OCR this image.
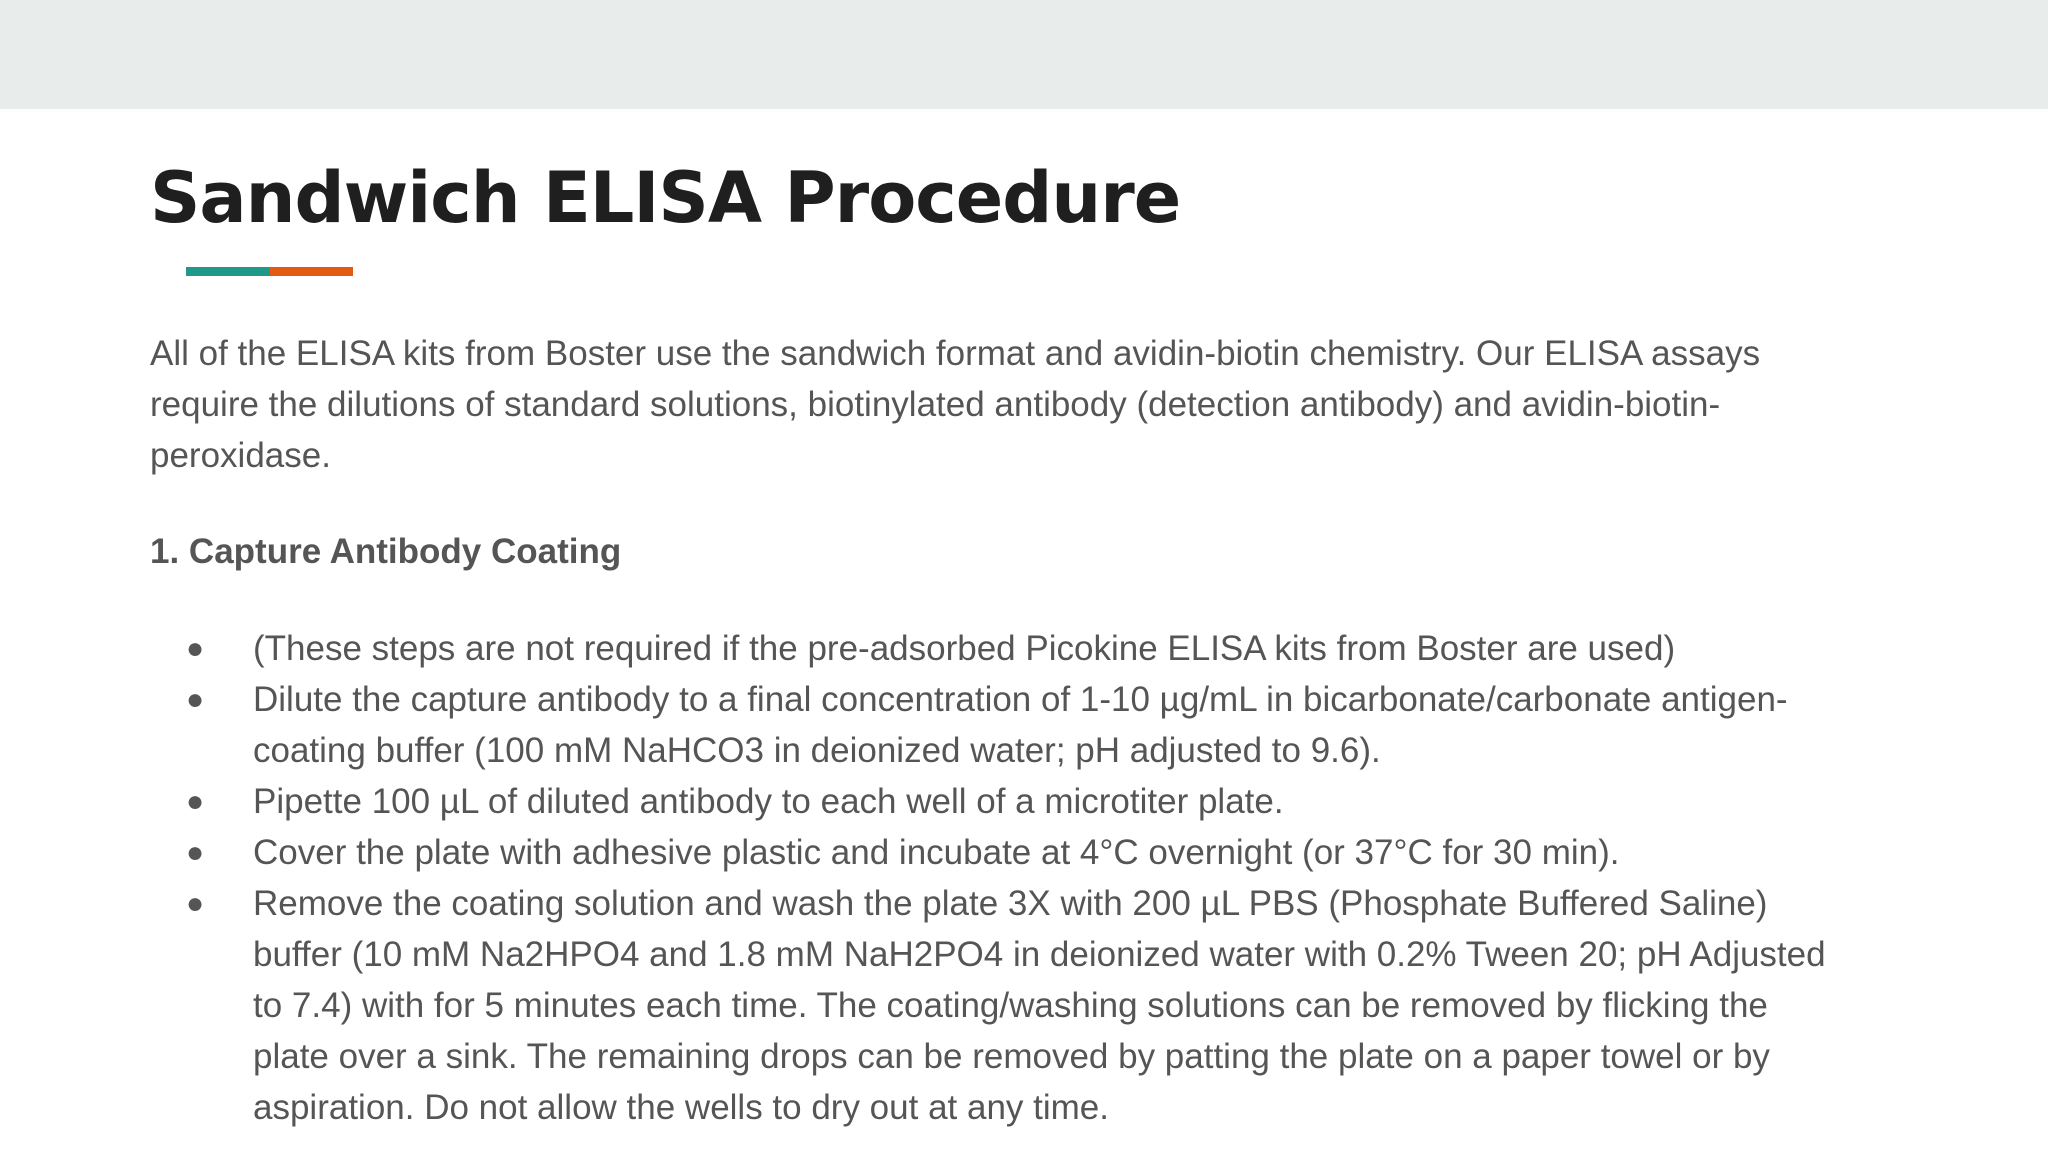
Sandwich ELISA Procedure

All of the ELISA kits from Boster use the sandwich format and avidin-biotin chemistry. Our ELISA assays require the dilutions of standard solutions, biotinylated antibody (detection antibody) and avidin-biotin-peroxidase.

1. Capture Antibody Coating

● (These steps are not required if the pre-adsorbed Picokine ELISA kits from Boster are used)
● Dilute the capture antibody to a final concentration of 1-10 µg/mL in bicarbonate/carbonate antigen-coating buffer (100 mM NaHCO3 in deionized water; pH adjusted to 9.6).
● Pipette 100 µL of diluted antibody to each well of a microtiter plate.
● Cover the plate with adhesive plastic and incubate at 4°C overnight (or 37°C for 30 min).
● Remove the coating solution and wash the plate 3X with 200 µL PBS (Phosphate Buffered Saline) buffer (10 mM Na2HPO4 and 1.8 mM NaH2PO4 in deionized water with 0.2% Tween 20; pH Adjusted to 7.4) with for 5 minutes each time. The coating/washing solutions can be removed by flicking the plate over a sink. The remaining drops can be removed by patting the plate on a paper towel or by aspiration. Do not allow the wells to dry out at any time.
